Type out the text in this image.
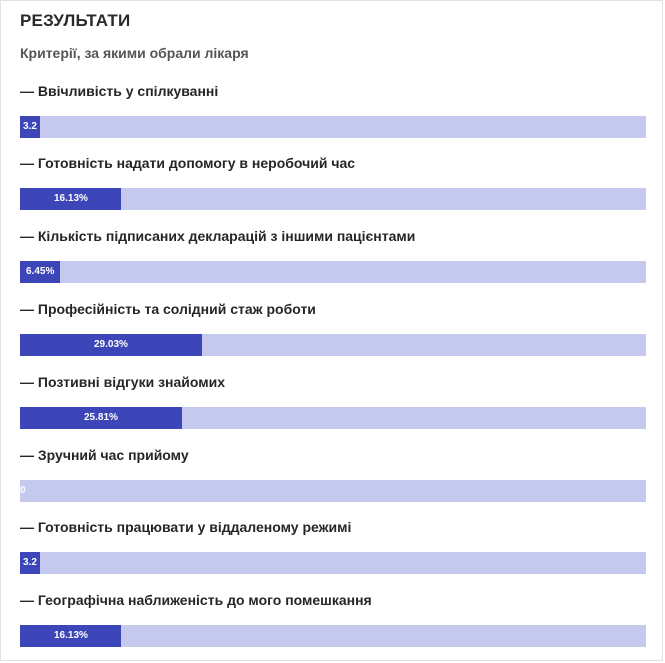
РЕЗУЛЬТАТИ
Критерії, за якими обрали лікаря
— Ввічливість у спілкуванні
3.2
— Готовність надати допомогу в неробочий час
16.13%
— Кількість підписаних декларацій з іншими пацієнтами
6.45%
— Професійність та солідний стаж роботи
29.03%
— Позтивні відгуки знайомих
25.81%
— Зручний час прийому
0
— Готовність працювати у віддаленому режимі
3.2
— Географічна наближеність до мого помешкання
16.13%
